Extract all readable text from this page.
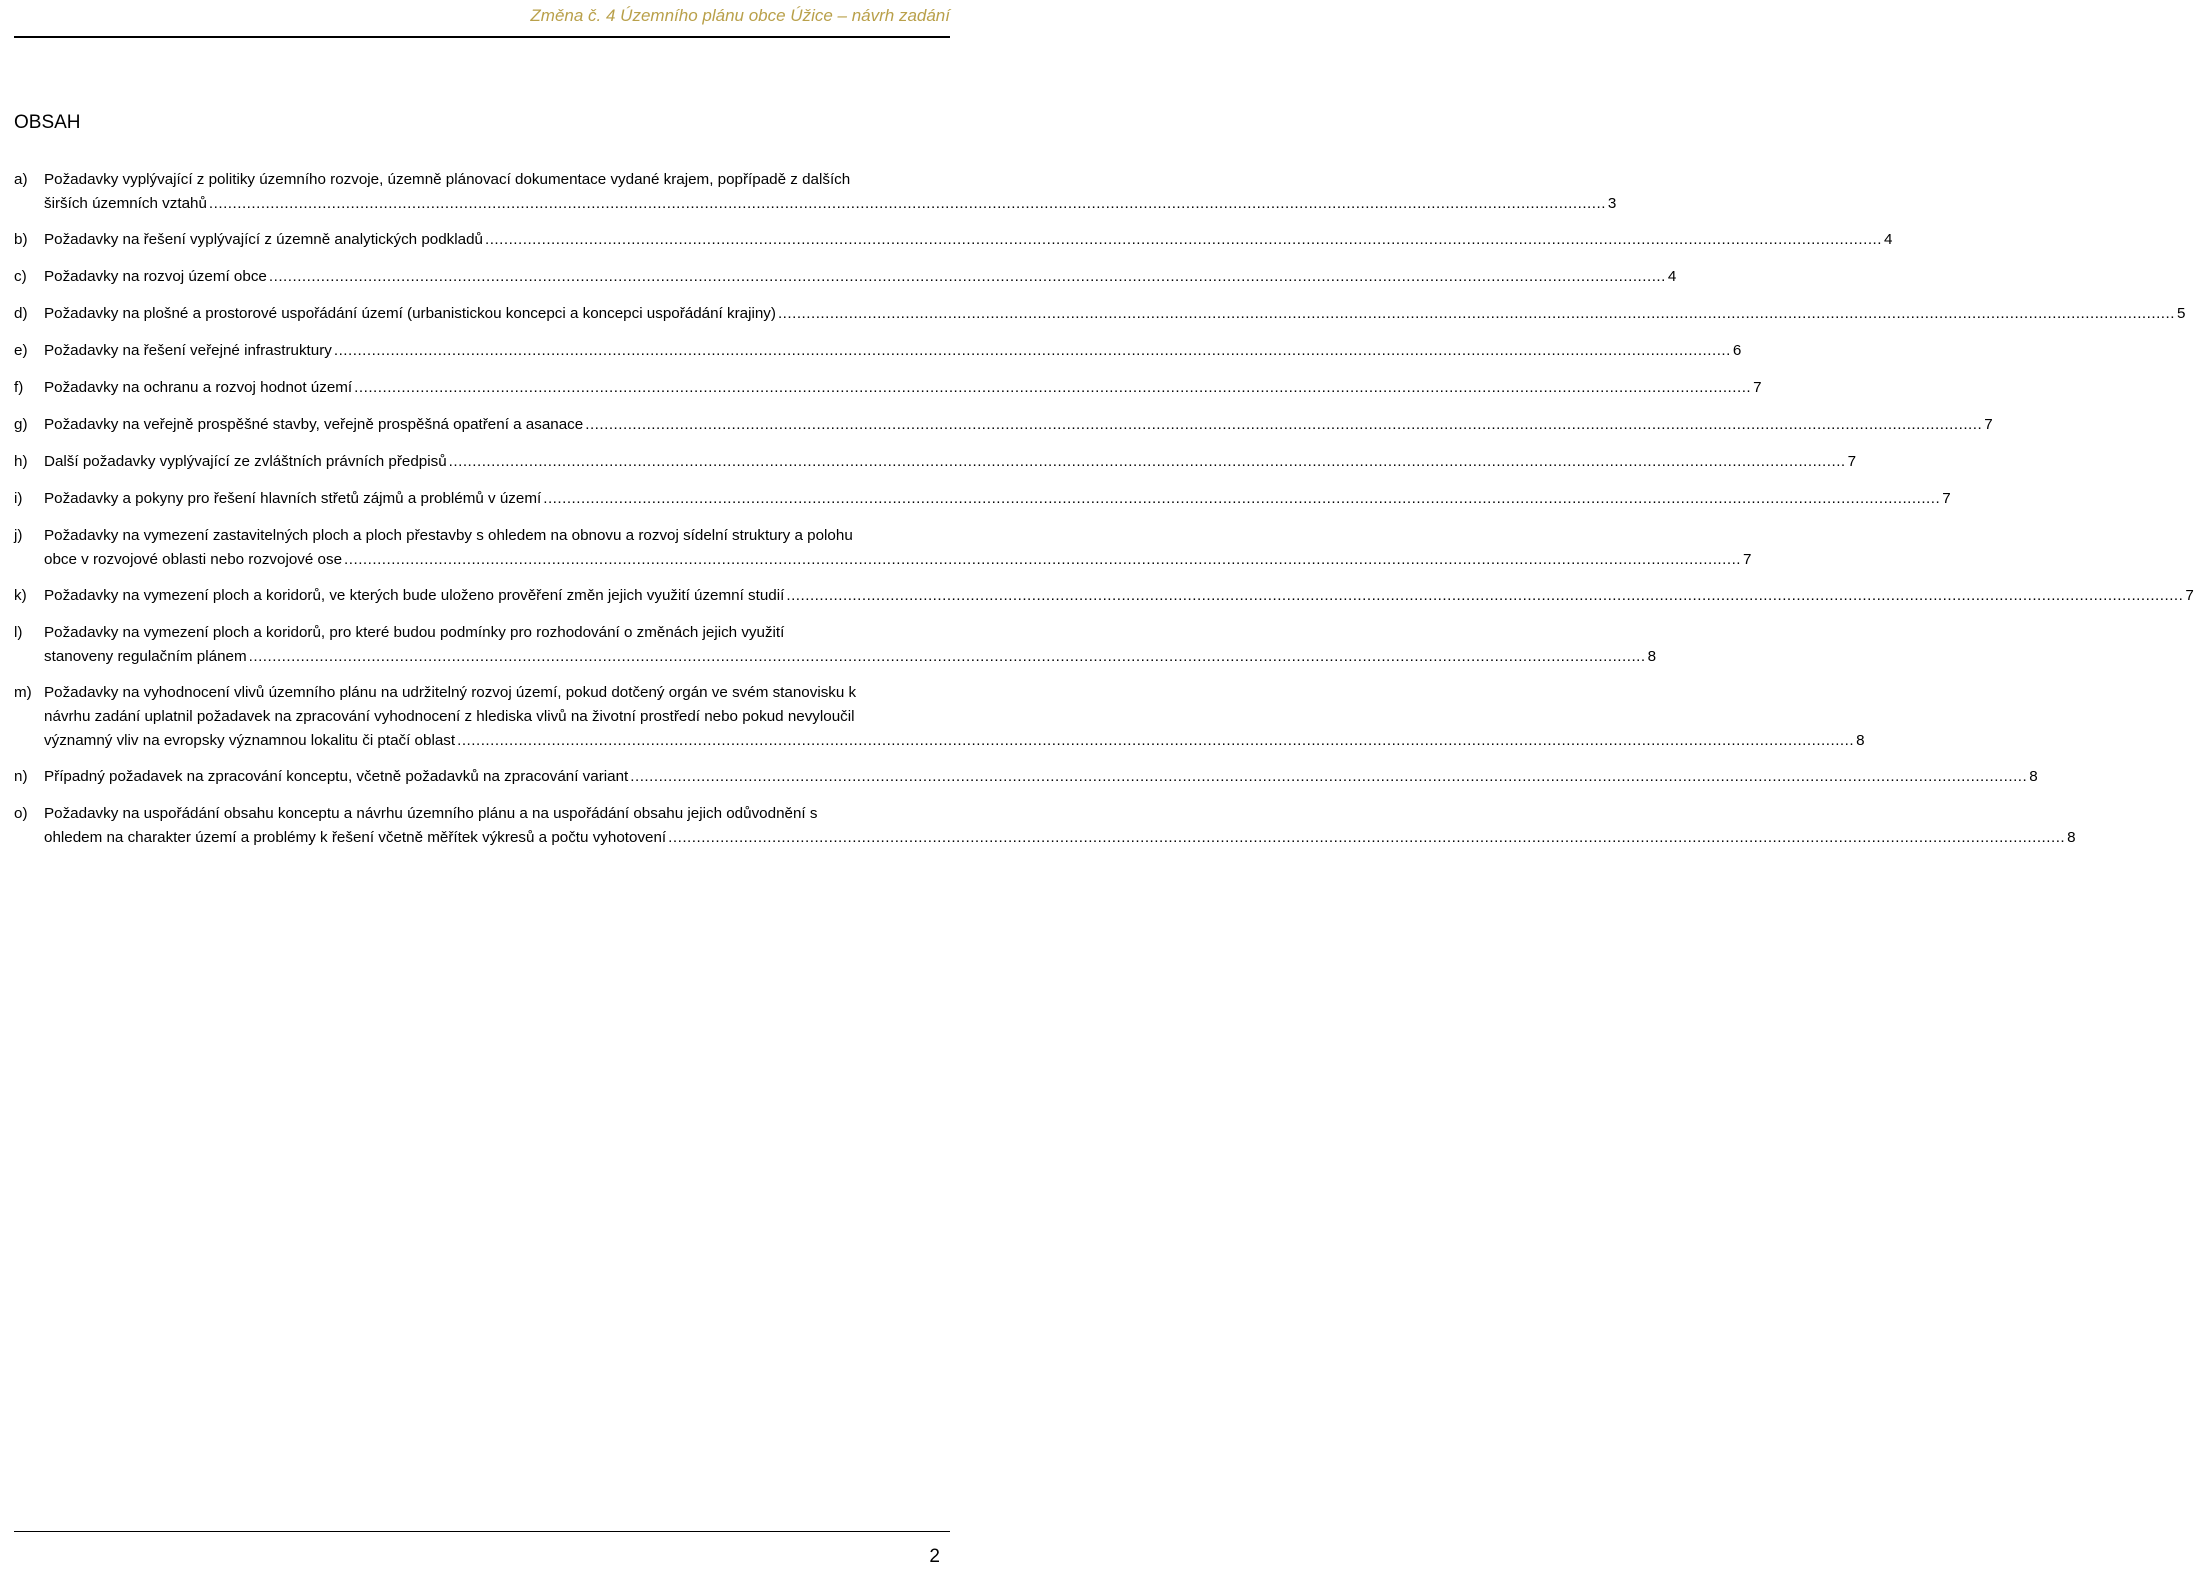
Změna č. 4 Územního plánu obce Úžice – návrh zadání
OBSAH
a)	Požadavky vyplývající z politiky územního rozvoje, územně plánovací dokumentace vydané krajem, popřípadě z dalších
širších územních vztahů .....	3
b)	Požadavky na řešení vyplývající z územně analytických podkladů .....	4
c)	Požadavky na rozvoj území obce .....	4
d)	Požadavky na plošné a prostorové uspořádání území (urbanistickou koncepci a koncepci uspořádání krajiny) .....	5
e)	Požadavky na řešení veřejné infrastruktury .....	6
f)	Požadavky na ochranu a rozvoj hodnot území .....	7
g)	Požadavky na veřejně prospěšné stavby, veřejně prospěšná opatření a asanace .....	7
h)	Další požadavky vyplývající ze zvláštních právních předpisů .....	7
i)	Požadavky a pokyny pro řešení hlavních střetů zájmů a problémů v území .....	7
j)	Požadavky na vymezení zastavitelných ploch a ploch přestavby s ohledem na obnovu a rozvoj sídelní struktury a polohu
obce v rozvojové oblasti nebo rozvojové ose .....	7
k)	Požadavky na vymezení ploch a koridorů, ve kterých bude uloženo prověření změn jejich využití územní studií .....	7
l)	Požadavky na vymezení ploch a koridorů, pro které budou podmínky pro rozhodování o změnách jejich využití
stanoveny regulačním plánem .....	8
m) Požadavky na vyhodnocení vlivů územního plánu na udržitelný rozvoj území, pokud dotčený orgán ve svém stanovisku k
návrhu zadání uplatnil požadavek na zpracování vyhodnocení z hlediska vlivů na životní prostředí nebo pokud nevyloučil
významný vliv na evropsky významnou lokalitu či ptačí oblast .....	8
n)	Případný požadavek na zpracování konceptu, včetně požadavků na zpracování variant .....	8
o)	Požadavky na uspořádání obsahu konceptu a návrhu územního plánu a na uspořádání obsahu jejich odůvodnění s
ohledem na charakter území a problémy k řešení včetně měřítek výkresů a počtu vyhotovení .....	8
2
